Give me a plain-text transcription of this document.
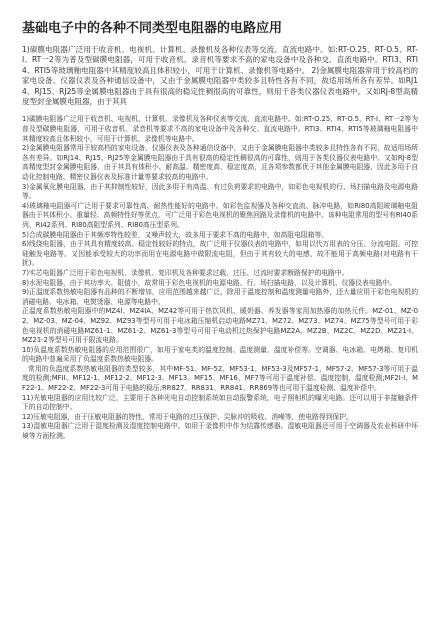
基础电子中的各种不同类型电阻器的电路应用

1)碳膜电阻器广泛用于收音机、电视机、计算机、录像机及各种仪表等交流、直流电路中。如:RT-O.25、RT-O.5、RT-I、RT一2等为普及型碳膜电阻器，可用于收音机、录音机等要求不高的家电设备中及各种交、直流电路中。RTI3、RTI4、RTI5等玻璃釉电阻器中其精度较高且体积较小，可用于计算机、录像机等电路中。 2)金属膜电阻器常用于较高档的家电设备、仪器仪表及各种通信设备中，又由于金属膜电阻器中类较多且特性各有不同，故适用场所各有差异。如RJ14、RJ15、RJ25等金属膜电阻器由于具有很高的稳定性稠很高的可靠性，则用于各类仪器仪表电路中。又如RJ-8型高精度型封金属膜电阻器，由于其具

1)碳膜电阻器广泛用于收音机、电视机、计算机、录像机及各种仪表等交流、直流电路中。如:RT-O.25、RT-O.5、RT-I、RT一2等为普及型碳膜电阻器，可用于收音机、录音机等要求不高的家电设备中及各种交、直流电路中。RTI3、RTI4、RTI5等玻璃釉电阻器中其精度较高且体积较小，可用于计算机、录像机等电路中。

2)金属膜电阻器常用于较高档的家电设备、仪器仪表及各种通信设备中，又由于金属膜电阻器中类较多且特性各有不同，故适用场所各有差异。如RJ14、RJ15、RJ25等金属膜电阻器由于具有很高的稳定性稠很高的可靠性，则用于各类仪器仪表电路中。又如RJ-8型高精度型封金属膜电阻器，由于其具有体积小、耐高温、精密度高、稳定度高，且各项参数都优于其他金属膜电阻器，因此多用于自动化控制电路、精密仪器仪表及标准计量等要求较高的电路中。

3)金属氧化膜电阻器，由于其抑制性较好，因此多用于有高温、有过负荷要求的电路中，如彩色电视机的行、场扫描电路及电源电路等。

4)玻璃釉电阻器可广泛用于要求可靠性高、耐热性能好的电路中。如彩色监视器及各种交直流、脉冲电路，如RI80高阻玻璃釉电阻器由于其体积小、重量轻、高频特性好等优点，可广泛用于彩色电视机的聚焦回路及录像机的电路中。该种电阻常用的型号有RI40系列、RI42系列、RI80高阻型系列、RI80高压型系列。

5)合成碳膜电阻器由于其频率特性较差，又噪声较大，故多用于要求不高的电路中，如高阻电阻箱等。

6)线绕电阻器，由于其具有精度较高、稳定性较好的特点，故广泛用于仪器仪表的电路中，如用以代万用表的分压、分流电阻、可控硅触发电路等。又因能承受较大的功率而用在电源电路中做限流电阻，但由于其有较大的电感，故不能用于高频电路(对电路有干扰)。

7)实芯电阻器广泛用于彩色电视机、录像机、复印机及各种要求过载、过压、过流时要求断路保护的电路中。

8)水泥电阻器，由于其功率大、阻值小，故常用于彩色电视机的电源电路、行、场扫描电路，以及计算机、仪器仪表电路中。

9)正温度系数热敏电阻器有品种的不断增加，应用范围越来越广泛，除用于温度控制和温度测量电路外，还大量应用于彩色电视机的消磁电路、电冰箱、电熨烫器、电源等电路中。

正温度系数热敏电阻器中的MZ4I、MZ4IA、MZ42等可用于热饮风机、暖奶器、养发器等家用加热器的加热元件。MZ-01、MZ-02、MZ-03、MZ-04、MZ92、MZ93等型号可用于电冰箱压缩机启动电路MZ71、MZ72、MZ73、MZ74、MZ75等型号可用于彩色电视机的消磁电路MZ61-1、MZ61-2、MZ61-3等型号可用于电动机过热保护电路MZ2A、MZ2B、MZ2C、MZ2D、MZ21-I、MZ21-2等型号可用于限流电路。

10)负温度系数热敏电阻器的应用范围很广，如用于家电类的温度控制、温度测量、温度补偿等。空调器、电冰箱、电烤箱、复印机的电路中普遍采用了负温度系数热敏电阻器。

常用的负温度系数热敏电阻器的类型较多，其中MF-51、MF-52、MF53-1、MF53-3及MF57-1、MF57-2、MF57-3等可用于温度的检测;MFII、MF12-1、MF12-2、MF12-3、MF13、MF15、MF16、MF7等可用于温度补偿、温度控制，温度检测;MF2I-I、MF22-1、MF22-2、MF22-3可用于电路的稳压;RR827、RR831、RR841、RR869等也可用于温度检测、温度补偿中。

11)光敏电阻器的应用比较广泛，主要用于各种光电自动控制系统如自动报警系统，电子照相机的曝光电路。还可以用于非接触条件下的自动控制中。

12)压敏电阻器，由于压敏电阻器的特性，常用于电路的过压保护、尖脉冲的吸收、消噪等，使电路得到保护。

13)湿敏电阻器广泛用于湿度检测及湿度控制电路中。如用于录像机中作为结露传感器。湿敏电阻器还可用于空调器及农业科研中环境等方面检测。
